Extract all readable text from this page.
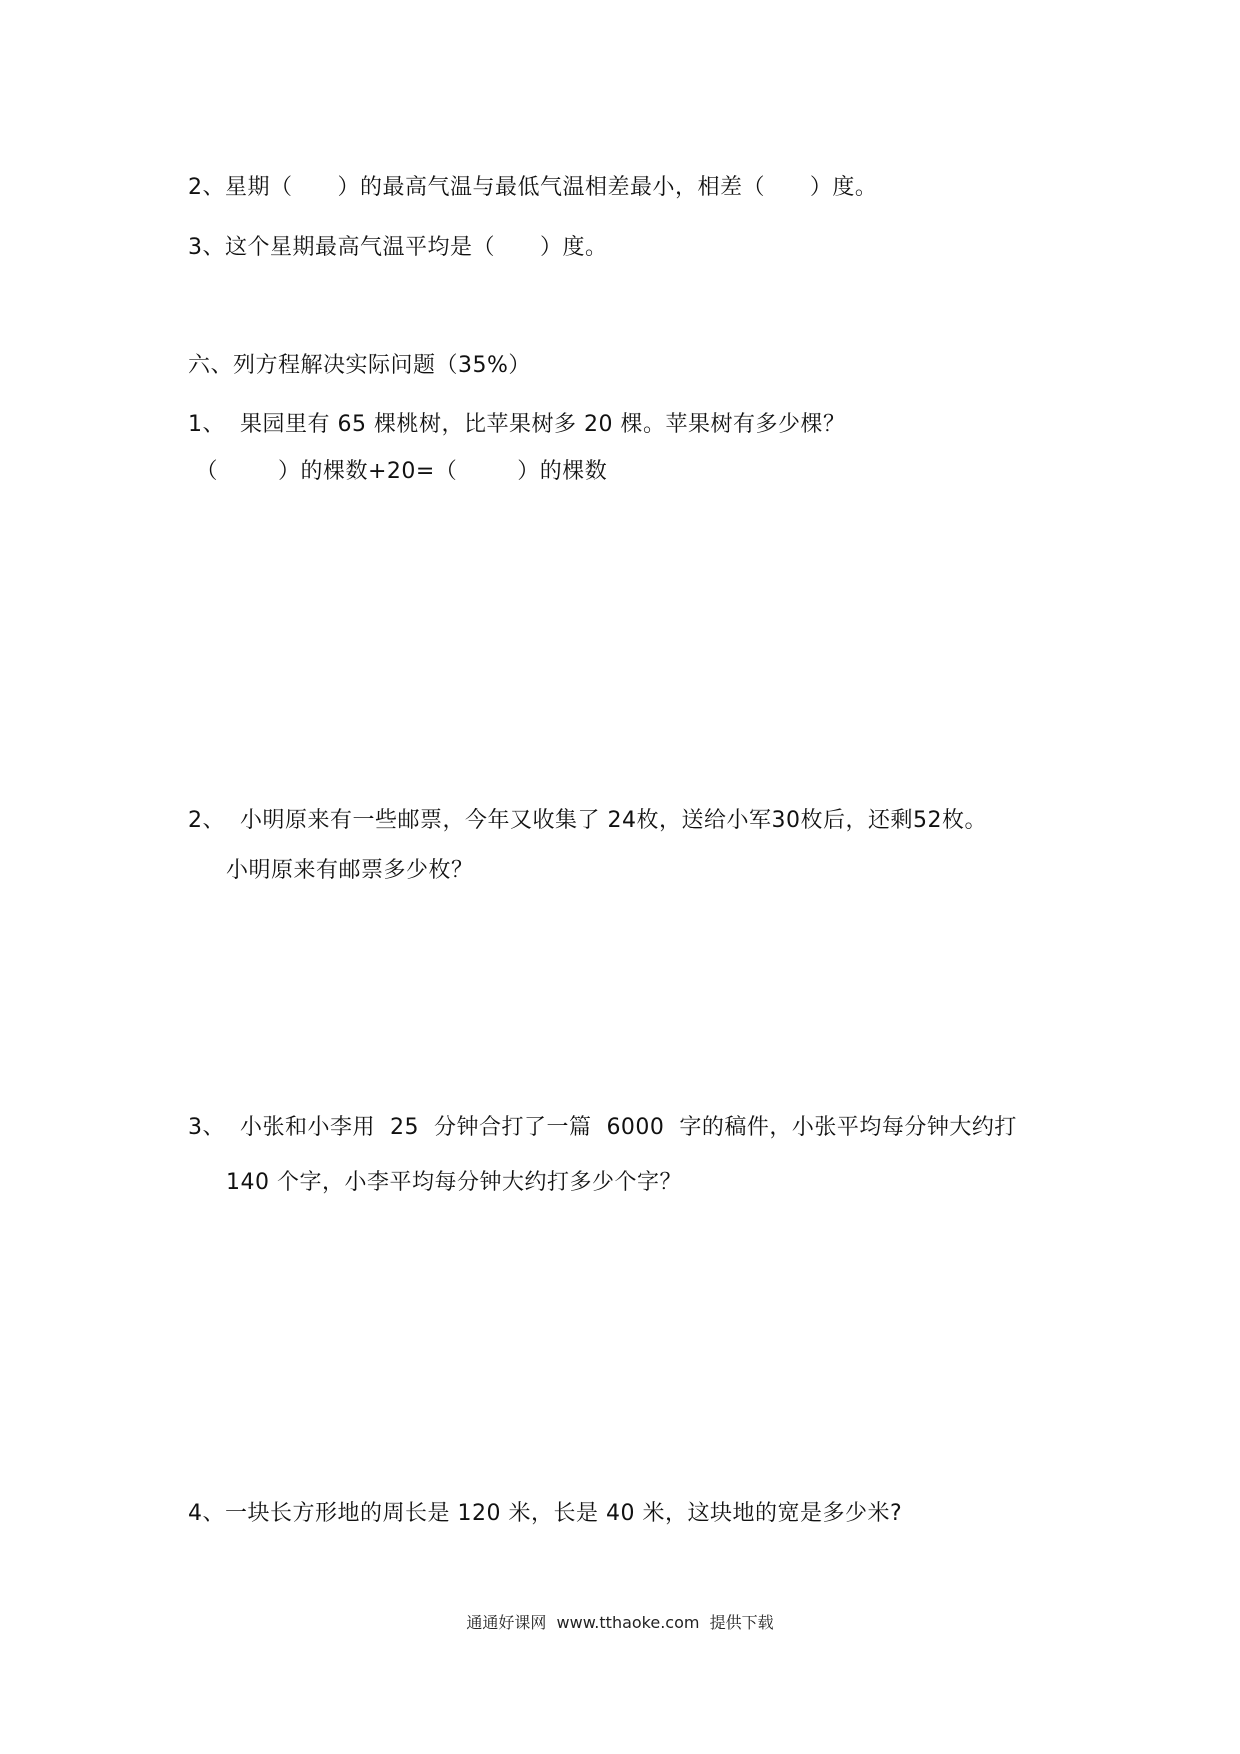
2、星期（      ）的最高气温与最低气温相差最小，相差（      ）度。
3、这个星期最高气温平均是（      ）度。
六、列方程解决实际问题（35%）
1、  果园里有 65 棵桃树，比苹果树多 20 棵。苹果树有多少棵？
（        ）的棵数+20=（        ）的棵数
2、  小明原来有一些邮票，今年又收集了 24枚，送给小军30枚后，还剩52枚。
小明原来有邮票多少枚？
3、  小张和小李用  25  分钟合打了一篇  6000  字的稿件，小张平均每分钟大约打
140 个字，小李平均每分钟大约打多少个字？
4、一块长方形地的周长是 120 米，长是 40 米，这块地的宽是多少米?
通通好课网  www.tthaoke.com  提供下载
